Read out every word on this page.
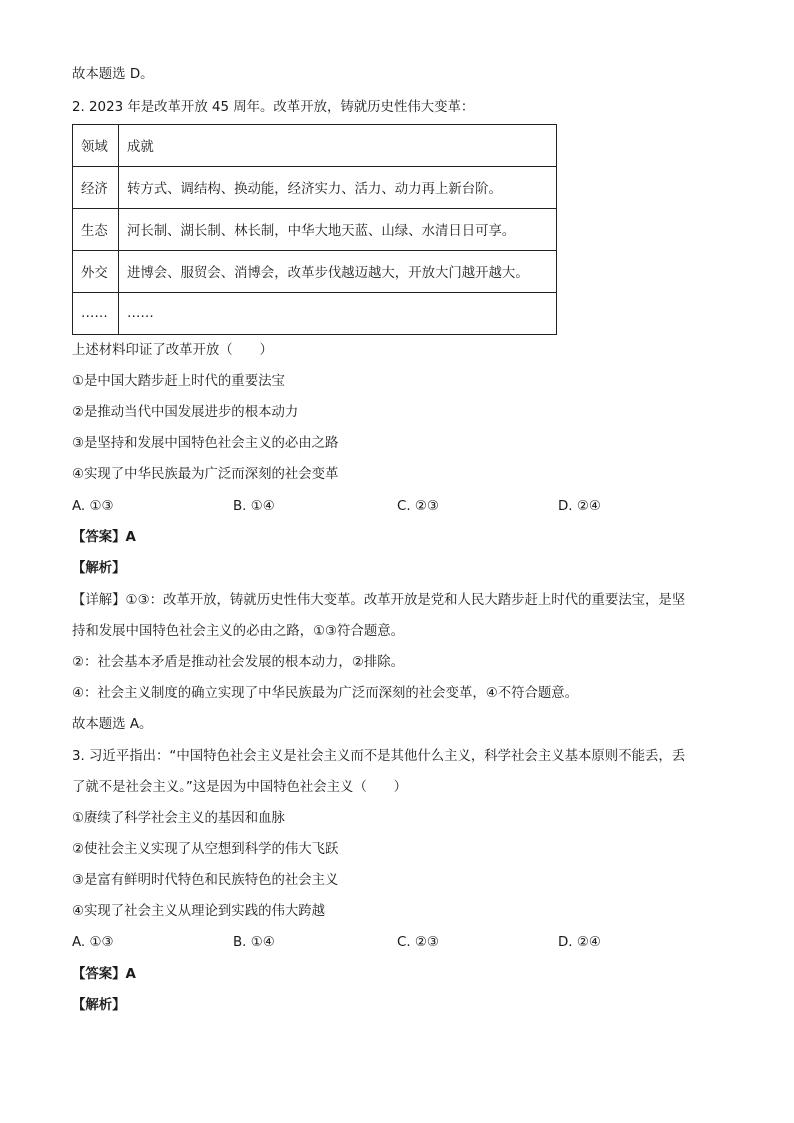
故本题选 D。
2. 2023 年是改革开放 45 周年。改革开放，铸就历史性伟大变革：
领域	成就
经济	转方式、调结构、换动能，经济实力、活力、动力再上新台阶。
生态	河长制、湖长制、林长制，中华大地天蓝、山绿、水清日日可享。
外交	进博会、服贸会、消博会，改革步伐越迈越大，开放大门越开越大。
……	……
上述材料印证了改革开放（　　）
①是中国大踏步赶上时代的重要法宝
②是推动当代中国发展进步的根本动力
③是坚持和发展中国特色社会主义的必由之路
④实现了中华民族最为广泛而深刻的社会变革
A. ①③	B. ①④	C. ②③	D. ②④
【答案】A
【解析】
【详解】①③：改革开放，铸就历史性伟大变革。改革开放是党和人民大踏步赶上时代的重要法宝，是坚
持和发展中国特色社会主义的必由之路，①③符合题意。
②：社会基本矛盾是推动社会发展的根本动力，②排除。
④：社会主义制度的确立实现了中华民族最为广泛而深刻的社会变革，④不符合题意。
故本题选 A。
3. 习近平指出：“中国特色社会主义是社会主义而不是其他什么主义，科学社会主义基本原则不能丢，丢
了就不是社会主义。”这是因为中国特色社会主义（　　）
①赓续了科学社会主义的基因和血脉
②使社会主义实现了从空想到科学的伟大飞跃
③是富有鲜明时代特色和民族特色的社会主义
④实现了社会主义从理论到实践的伟大跨越
A. ①③	B. ①④	C. ②③	D. ②④
【答案】A
【解析】
